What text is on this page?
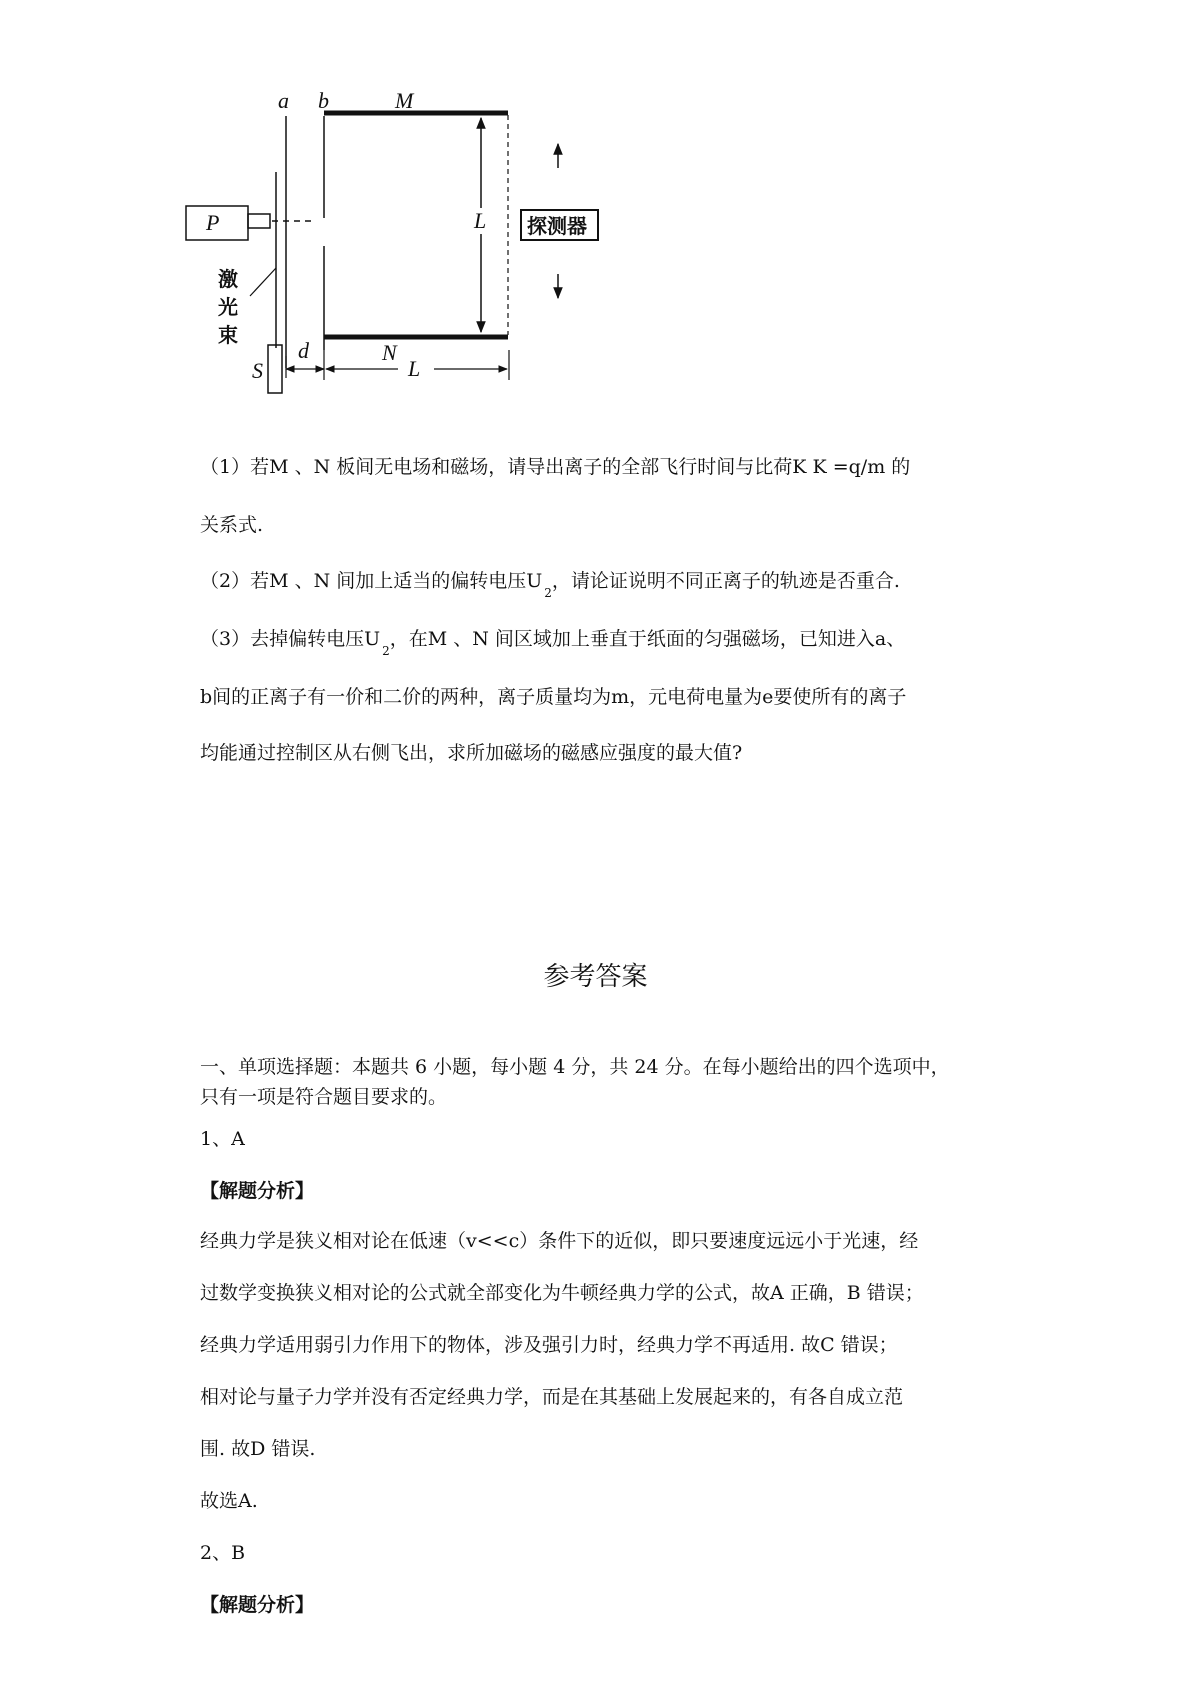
a b	M
P	L
N
S
d
L
激
光
束
探测器
（1）若M 、N 板间无电场和磁场，请导出离子的全部飞行时间与比荷K K =q/m 的
关系式.
（2）若M 、N 间加上适当的偏转电压$U_2$，请论证说明不同正离子的轨迹是否重合.
（3）去掉偏转电压$U_2$，在M 、N 间区域加上垂直于纸面的匀强磁场，已知进入a、
b间的正离子有一价和二价的两种，离子质量均为m，元电荷电量为e要使所有的离子
均能通过控制区从右侧飞出，求所加磁场的磁感应强度的最大值?
参考答案
一、单项选择题：本题共 6 小题，每小题 4 分，共 24 分。在每小题给出的四个选项中，
只有一项是符合题目要求的。
1、A
【解题分析】
经典力学是狭义相对论在低速（v<<c）条件下的近似，即只要速度远远小于光速，经
过数学变换狭义相对论的公式就全部变化为牛顿经典力学的公式，故A 正确，B 错误；
经典力学适用弱引力作用下的物体，涉及强引力时，经典力学不再适用. 故C 错误；
相对论与量子力学并没有否定经典力学，而是在其基础上发展起来的，有各自成立范
围. 故D 错误.
故选A.
2、B
【解题分析】
